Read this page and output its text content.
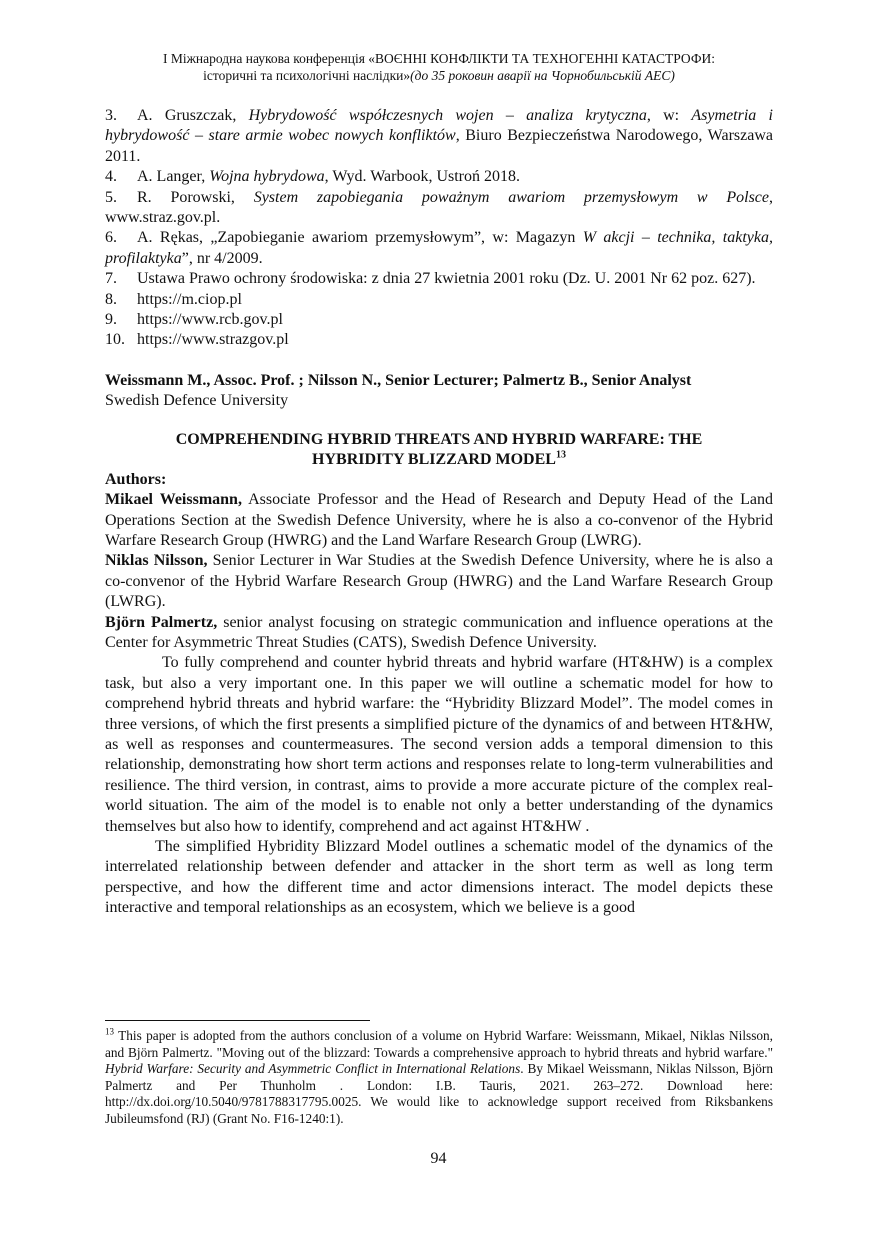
І Міжнародна наукова конференція «ВОЄННІ КОНФЛІКТИ ТА ТЕХНОГЕННІ КАТАСТРОФИ:
історичні та психологічні наслідки»(до 35 роковин аварії на Чорнобильській АЕС)
3. A. Gruszczak, Hybrydowość współczesnych wojen – analiza krytyczna, w: Asymetria i hybrydowość – stare armie wobec nowych konfliktów, Biuro Bezpieczeństwa Narodowego, Warszawa 2011.
4. A. Langer, Wojna hybrydowa, Wyd. Warbook, Ustroń 2018.
5. R. Porowski, System zapobiegania poważnym awariom przemysłowym w Polsce, www.straz.gov.pl.
6. A. Rękas, „Zapobieganie awariom przemysłowym”, w: Magazyn W akcji – technika, taktyka, profilaktyka”, nr 4/2009.
7. Ustawa Prawo ochrony środowiska: z dnia 27 kwietnia 2001 roku (Dz. U. 2001 Nr 62 poz. 627).
8. https://m.ciop.pl
9. https://www.rcb.gov.pl
10. https://www.strazgov.pl
Weissmann M., Assoc. Prof. ; Nilsson N., Senior Lecturer; Palmertz B., Senior Analyst
Swedish Defence University
COMPREHENDING HYBRID THREATS AND HYBRID WARFARE: THE
HYBRIDITY BLIZZARD MODEL$^{13}$
Authors:

Mikael Weissmann, Associate Professor and the Head of Research and Deputy Head of the Land Operations Section at the Swedish Defence University, where he is also a co-convenor of the Hybrid Warfare Research Group (HWRG) and the Land Warfare Research Group (LWRG).

Niklas Nilsson, Senior Lecturer in War Studies at the Swedish Defence University, where he is also a co-convenor of the Hybrid Warfare Research Group (HWRG) and the Land Warfare Research Group (LWRG).

Björn Palmertz, senior analyst focusing on strategic communication and influence operations at the Center for Asymmetric Threat Studies (CATS), Swedish Defence University.

To fully comprehend and counter hybrid threats and hybrid warfare (HT&HW) is a complex task, but also a very important one. In this paper we will outline a schematic model for how to comprehend hybrid threats and hybrid warfare: the “Hybridity Blizzard Model”. The model comes in three versions, of which the first presents a simplified picture of the dynamics of and between HT&HW, as well as responses and countermeasures. The second version adds a temporal dimension to this relationship, demonstrating how short term actions and responses relate to long-term vulnerabilities and resilience. The third version, in contrast, aims to provide a more accurate picture of the complex real-world situation. The aim of the model is to enable not only a better understanding of the dynamics themselves but also how to identify, comprehend and act against HT&HW .

The simplified Hybridity Blizzard Model outlines a schematic model of the dynamics of the interrelated relationship between defender and attacker in the short term as well as long term perspective, and how the different time and actor dimensions interact. The model depicts these interactive and temporal relationships as an ecosystem, which we believe is a good

$^{13}$ This paper is adopted from the authors conclusion of a volume on Hybrid Warfare: Weissmann, Mikael, Niklas Nilsson, and Björn Palmertz. "Moving out of the blizzard: Towards a comprehensive approach to hybrid threats and hybrid warfare." Hybrid Warfare: Security and Asymmetric Conflict in International Relations. By Mikael Weissmann, Niklas Nilsson, Björn Palmertz and Per Thunholm . London: I.B. Tauris, 2021. 263–272. Download here: http://dx.doi.org/10.5040/9781788317795.0025. We would like to acknowledge support received from Riksbankens Jubileumsfond (RJ) (Grant No. F16-1240:1).
94
